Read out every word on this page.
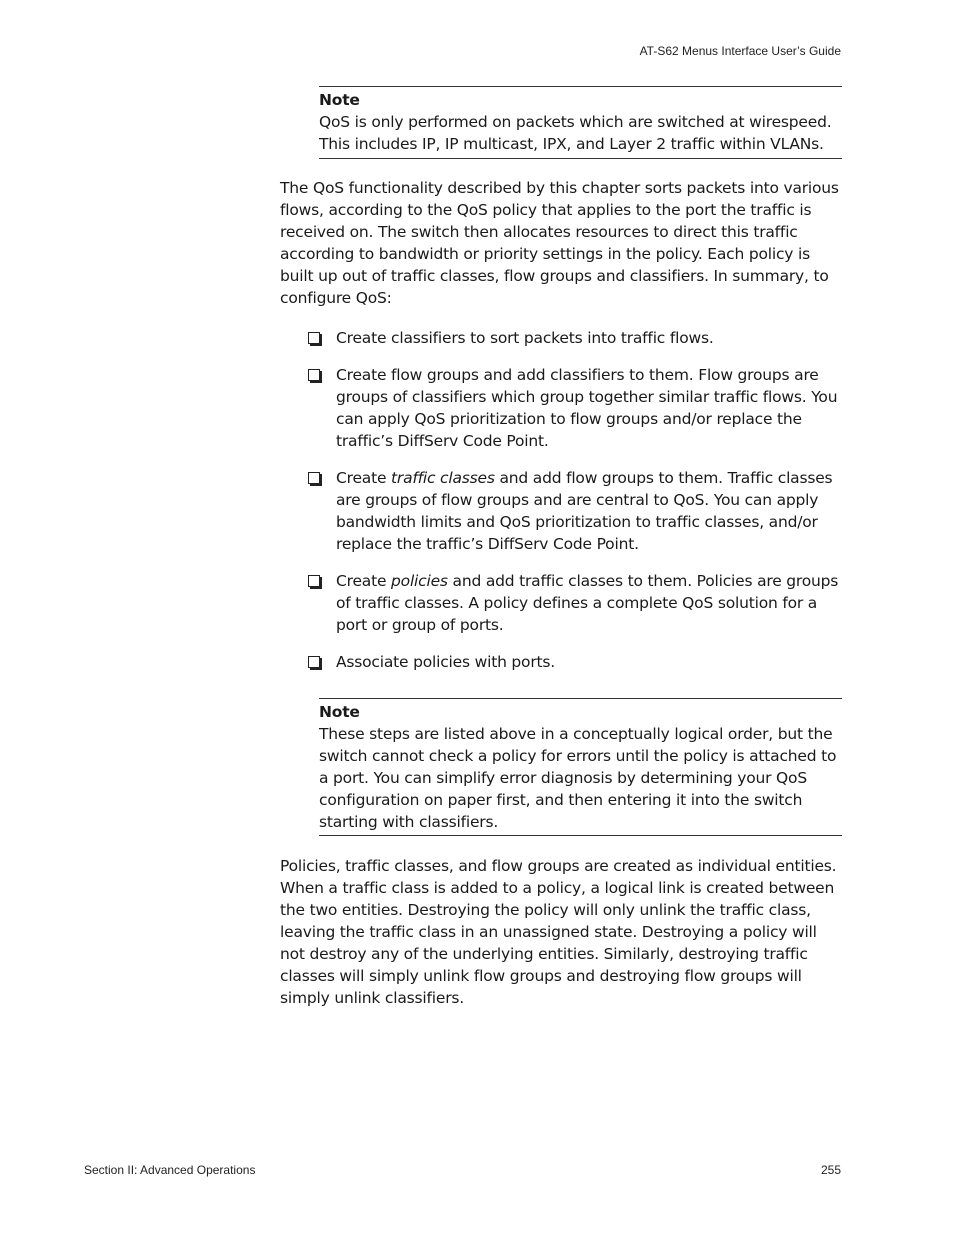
AT-S62 Menus Interface User’s Guide
Note
QoS is only performed on packets which are switched at wirespeed. This includes IP, IP multicast, IPX, and Layer 2 traffic within VLANs.
The QoS functionality described by this chapter sorts packets into various flows, according to the QoS policy that applies to the port the traffic is received on. The switch then allocates resources to direct this traffic according to bandwidth or priority settings in the policy. Each policy is built up out of traffic classes, flow groups and classifiers. In summary, to configure QoS:
Create classifiers to sort packets into traffic flows.
Create flow groups and add classifiers to them. Flow groups are groups of classifiers which group together similar traffic flows. You can apply QoS prioritization to flow groups and/or replace the traffic’s DiffServ Code Point.
Create traffic classes and add flow groups to them. Traffic classes are groups of flow groups and are central to QoS. You can apply bandwidth limits and QoS prioritization to traffic classes, and/or replace the traffic’s DiffServ Code Point.
Create policies and add traffic classes to them. Policies are groups of traffic classes. A policy defines a complete QoS solution for a port or group of ports.
Associate policies with ports.
Note
These steps are listed above in a conceptually logical order, but the switch cannot check a policy for errors until the policy is attached to a port. You can simplify error diagnosis by determining your QoS configuration on paper first, and then entering it into the switch starting with classifiers.
Policies, traffic classes, and flow groups are created as individual entities. When a traffic class is added to a policy, a logical link is created between the two entities. Destroying the policy will only unlink the traffic class, leaving the traffic class in an unassigned state. Destroying a policy will not destroy any of the underlying entities. Similarly, destroying traffic classes will simply unlink flow groups and destroying flow groups will simply unlink classifiers.
Section II: Advanced Operations	255
